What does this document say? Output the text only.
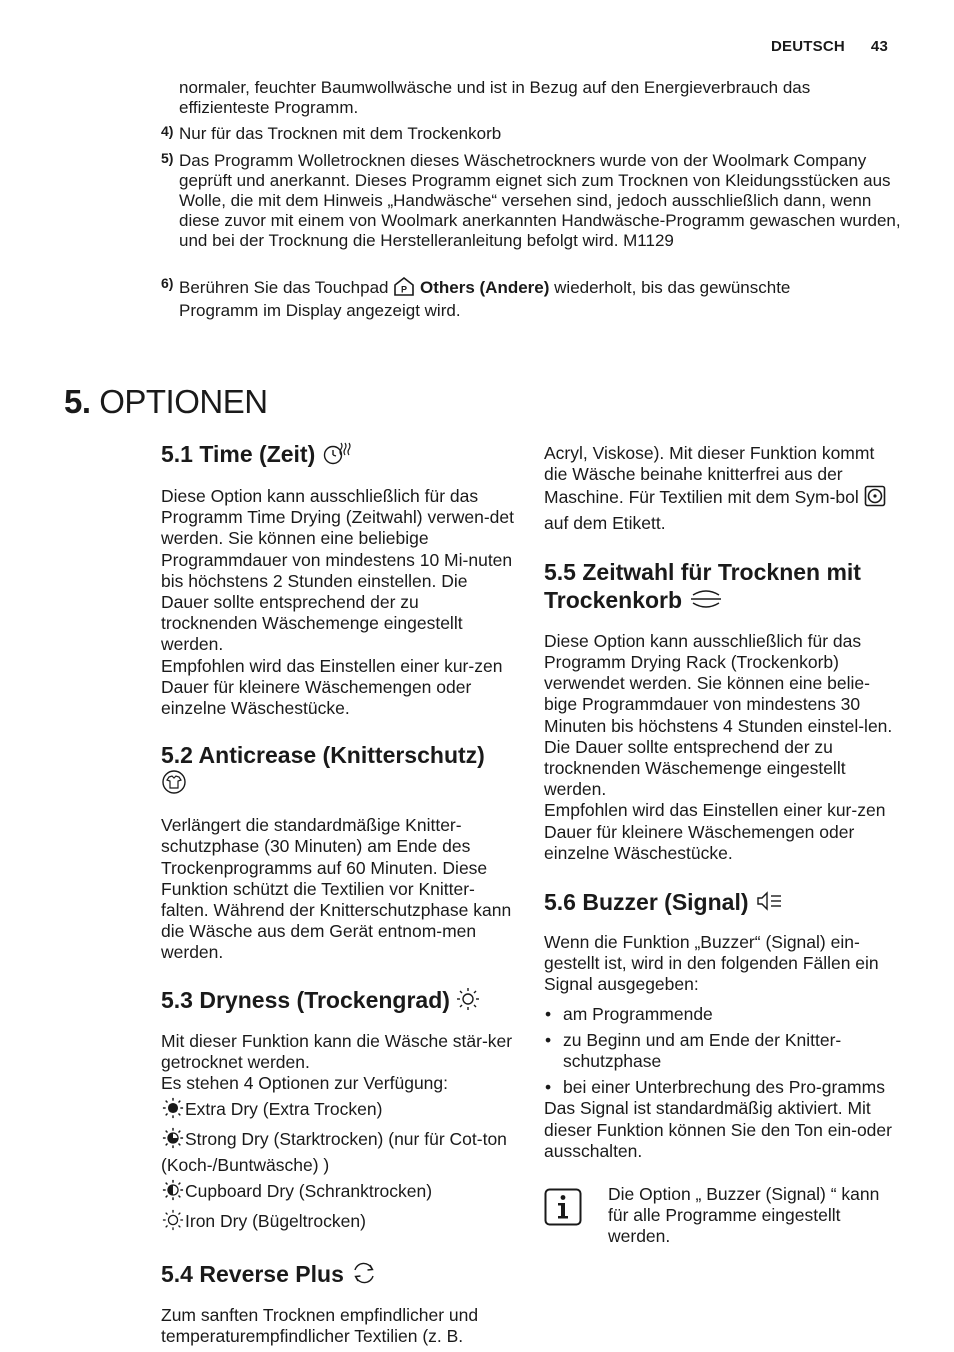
DEUTSCH 43
normaler, feuchter Baumwollwäsche und ist in Bezug auf den Energieverbrauch das
effizienteste Programm.
4) Nur für das Trocknen mit dem Trockenkorb
5) Das Programm Wolletrocknen dieses Wäschetrockners wurde von der Woolmark Company geprüft und anerkannt. Dieses Programm eignet sich zum Trocknen von Kleidungsstücken aus Wolle, die mit dem Hinweis „Handwäsche“ versehen sind, jedoch ausschließlich dann, wenn diese zuvor mit einem von Woolmark anerkannten Handwäsche-Programm gewaschen wurden, und bei der Trocknung die Herstelleranleitung befolgt wird. M1129
6) Berühren Sie das Touchpad P Others (Andere) wiederholt, bis das gewünschte
Programm im Display angezeigt wird.
5. OPTIONEN
5.1 Time (Zeit)

Diese Option kann ausschließlich für das Programm Time Drying (Zeitwahl) verwen-det werden. Sie können eine beliebige Programmdauer von mindestens 10 Mi-nuten bis höchstens 2 Stunden einstellen. Die Dauer sollte entsprechend der zu trocknenden Wäschemenge eingestellt werden.

Empfohlen wird das Einstellen einer kur-zen Dauer für kleinere Wäschemengen oder einzelne Wäschestücke.

5.2 Anticrease (Knitterschutz)

Verlängert die standardmäßige Knitter-schutzphase (30 Minuten) am Ende des Trockenprogramms auf 60 Minuten. Diese Funktion schützt die Textilien vor Knitter-falten. Während der Knitterschutzphase kann die Wäsche aus dem Gerät entnom-men werden.

5.3 Dryness (Trockengrad)

Mit dieser Funktion kann die Wäsche stär-ker getrocknet werden.

Es stehen 4 Optionen zur Verfügung:

Extra Dry (Extra Trocken)

Strong Dry (Starktrocken) (nur für Cot-ton (Koch-/Buntwäsche) )

Cupboard Dry (Schranktrocken)

Iron Dry (Bügeltrocken)

5.4 Reverse Plus

Zum sanften Trocknen empfindlicher und temperaturempfindlicher Textilien (z. B.

Acryl, Viskose). Mit dieser Funktion kommt die Wäsche beinahe knitterfrei aus der Maschine. Für Textilien mit dem Sym-bol  auf dem Etikett.

5.5 Zeitwahl für Trocknen mit
Trockenkorb

Diese Option kann ausschließlich für das Programm Drying Rack (Trockenkorb) verwendet werden. Sie können eine belie-bige Programmdauer von mindestens 30 Minuten bis höchstens 4 Stunden einstel-len. Die Dauer sollte entsprechend der zu trocknenden Wäschemenge eingestellt werden.

Empfohlen wird das Einstellen einer kur-zen Dauer für kleinere Wäschemengen oder einzelne Wäschestücke.

5.6 Buzzer (Signal)

Wenn die Funktion „Buzzer“ (Signal) ein-gestellt ist, wird in den folgenden Fällen ein Signal ausgegeben:

• am Programmende
• zu Beginn und am Ende der Knitter-schutzphase
• bei einer Unterbrechung des Pro-gramms

Das Signal ist standardmäßig aktiviert. Mit dieser Funktion können Sie den Ton ein-oder ausschalten.

Die Option „ Buzzer (Signal) “ kann für alle Programme eingestellt werden.
